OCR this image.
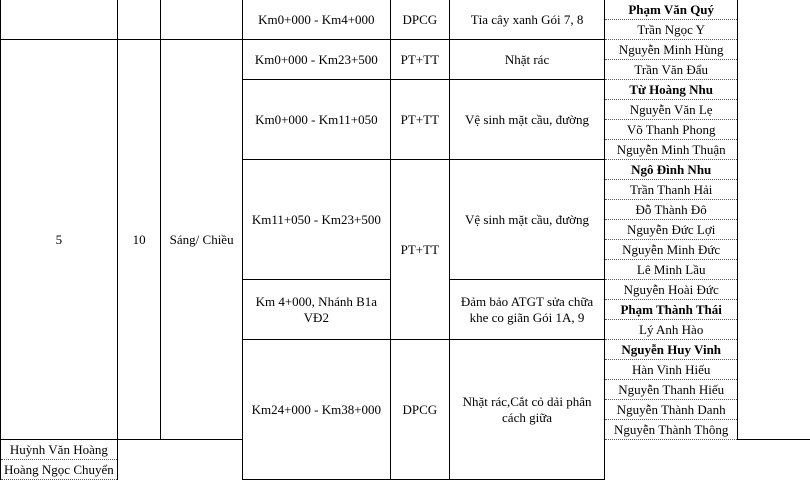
			Km0+000 - Km4+000	DPCG	Tỉa cây xanh Gói 7, 8	Phạm Văn Quý	
						Trần Ngọc Y	
5	10	Sáng/ Chiều	Km0+000 - Km23+500	PT+TT	Nhặt rác	Nguyễn Minh Hùng	
						Trần Văn Đẩu	
			Km0+000 - Km11+050	PT+TT	Vệ sinh mặt cầu, đường	Từ Hoàng Nhu	
						Nguyễn Văn Lẹ	
						Võ Thanh Phong	
						Nguyễn Minh Thuận	
			Km11+050 - Km23+500	PT+TT	Vệ sinh mặt cầu, đường	Ngô Đình Nhu	
						Trần Thanh Hải	
						Đỗ Thành Đô	
						Nguyễn Đức Lợi	
						Nguyễn Minh Đức	
						Lê Minh Lầu	
			Km 4+000, Nhánh B1a VĐ2		Đảm bảo ATGT sửa chữa khe co giãn Gói 1A, 9	Nguyễn Hoài Đức	
						Phạm Thành Thái	
						Lý Anh Hào	
			Km24+000 - Km38+000	DPCG	Nhặt rác,Cắt cỏ dải phân cách giữa	Nguyễn Huy Vinh	
						Hàn Vinh Hiếu	
						Nguyễn Thanh Hiếu	
						Nguyễn Thành Danh	
						Nguyễn Thành Thông	
Huỳnh Văn Hoàng							
Hoàng Ngọc Chuyển							
